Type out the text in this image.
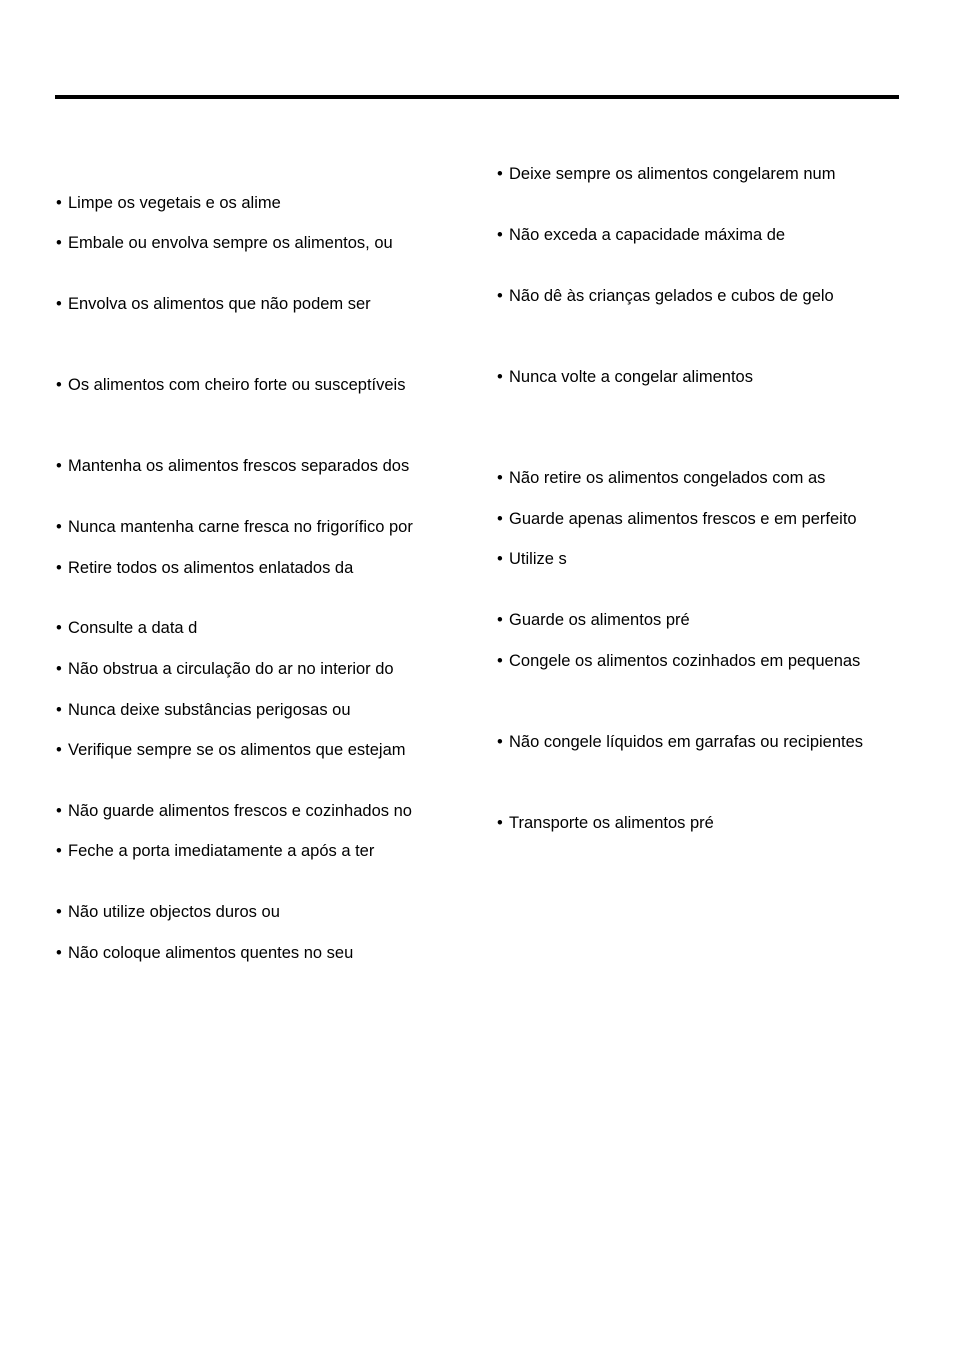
• Limpe os vegetais e os alime
• Embale ou envolva sempre os alimentos, ou
• Envolva os alimentos que não podem ser
• Os alimentos com cheiro forte ou susceptíveis
• Mantenha os alimentos frescos separados dos
• Nunca mantenha carne fresca no frigorífico por
• Retire todos os alimentos enlatados da
• Consulte a data d
• Não obstrua a circulação do ar no interior do
• Nunca deixe substâncias perigosas ou
• Verifique sempre se os alimentos que estejam
• Não guarde alimentos frescos e cozinhados no
• Feche a porta imediatamente a após a ter
• Não utilize objectos duros ou
• Não coloque alimentos quentes no seu
• Deixe sempre os alimentos congelarem num
• Não exceda a capacidade máxima de
• Não dê às crianças gelados e cubos de gelo
• Nunca volte a congelar alimentos
• Não retire os alimentos congelados com as
• Guarde apenas alimentos frescos e em perfeito
• Utilize s
• Guarde os alimentos pré
• Congele os alimentos cozinhados em pequenas
• Não congele líquidos em garrafas ou recipientes
• Transporte os alimentos pré
